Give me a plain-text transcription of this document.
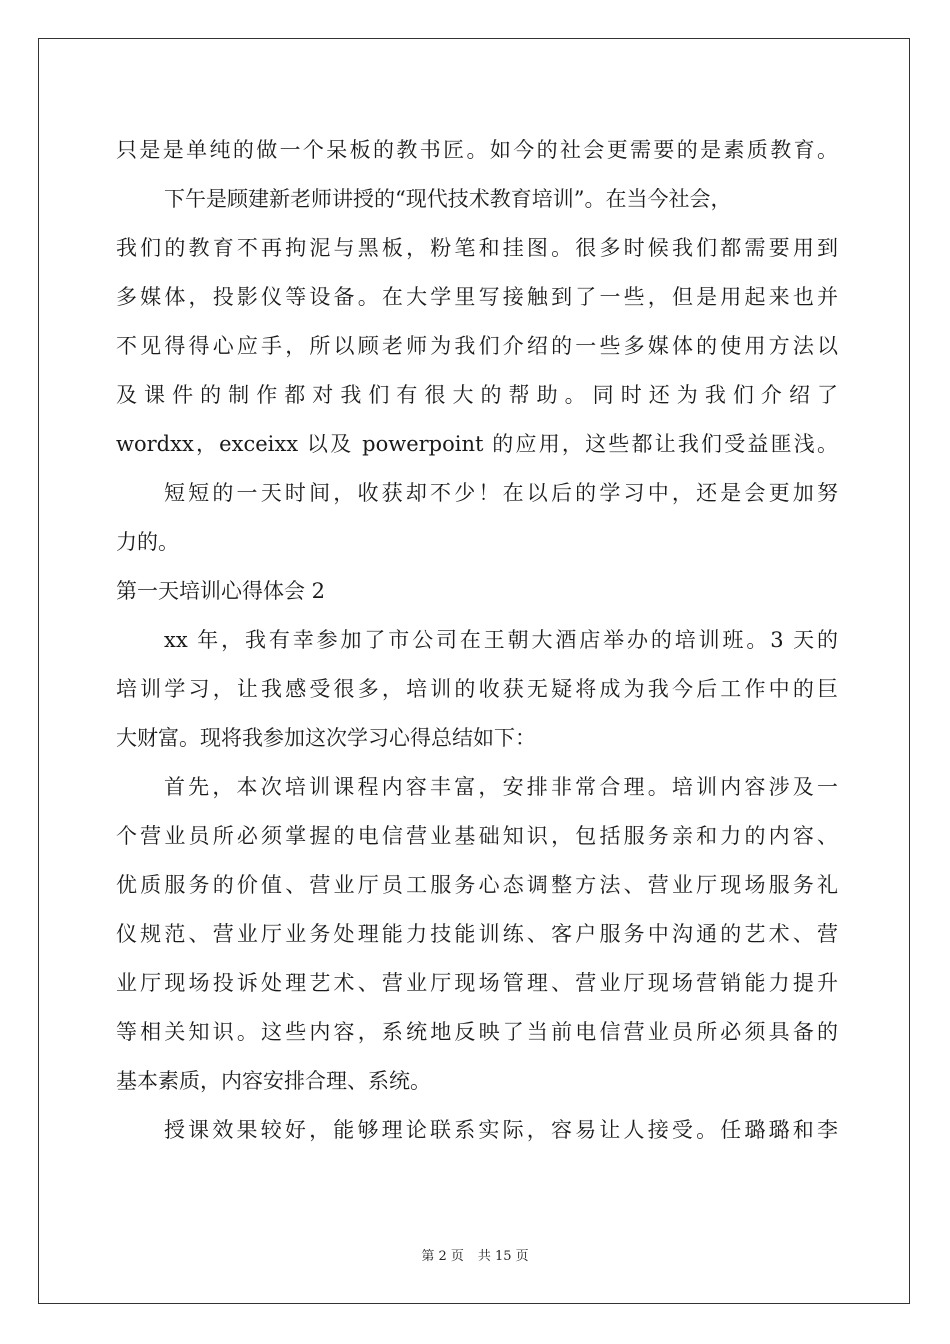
只是是单纯的做一个呆板的教书匠。如今的社会更需要的是素质教育。
下午是顾建新老师讲授的“现代技术教育培训”。在当今社会，
我们的教育不再拘泥与黑板，粉笔和挂图。很多时候我们都需要用到
多媒体，投影仪等设备。在大学里写接触到了一些，但是用起来也并
不见得得心应手，所以顾老师为我们介绍的一些多媒体的使用方法以
及课件的制作都对我们有很大的帮助。同时还为我们介绍了
wordxx，exceixx 以及 powerpoint 的应用，这些都让我们受益匪浅。
短短的一天时间，收获却不少！在以后的学习中，还是会更加努
力的。
第一天培训心得体会 2
xx 年，我有幸参加了市公司在王朝大酒店举办的培训班。3 天的
培训学习，让我感受很多，培训的收获无疑将成为我今后工作中的巨
大财富。现将我参加这次学习心得总结如下：
首先，本次培训课程内容丰富，安排非常合理。培训内容涉及一
个营业员所必须掌握的电信营业基础知识，包括服务亲和力的内容、
优质服务的价值、营业厅员工服务心态调整方法、营业厅现场服务礼
仪规范、营业厅业务处理能力技能训练、客户服务中沟通的艺术、营
业厅现场投诉处理艺术、营业厅现场管理、营业厅现场营销能力提升
等相关知识。这些内容，系统地反映了当前电信营业员所必须具备的
基本素质，内容安排合理、系统。
授课效果较好，能够理论联系实际，容易让人接受。任璐璐和李
第 2 页 共 15 页
